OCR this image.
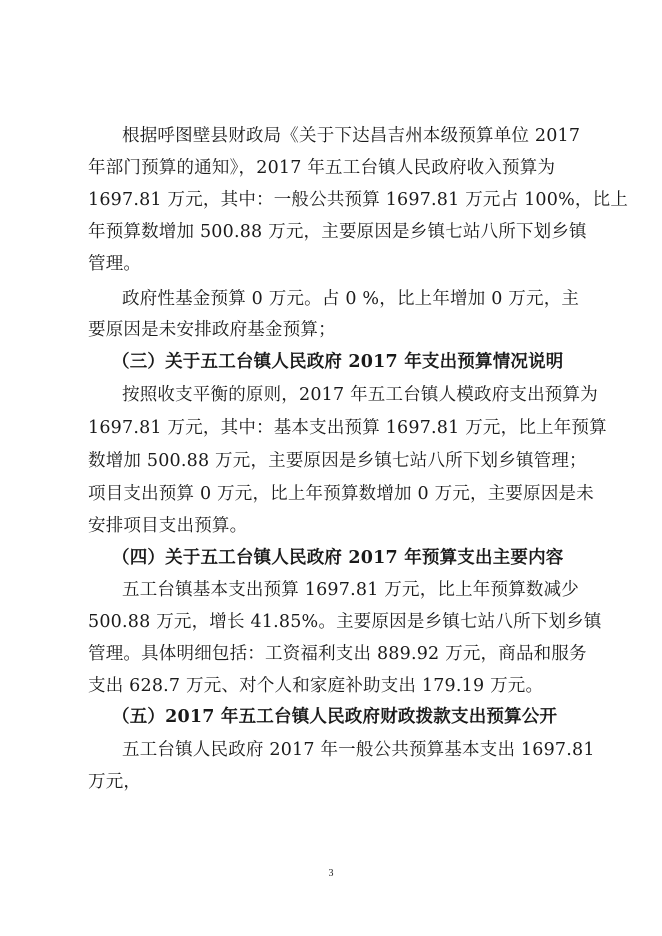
根据呼图壁县财政局《关于下达昌吉州本级预算单位 2017
年部门预算的通知》，2017 年五工台镇人民政府收入预算为
1697.81 万元，其中：一般公共预算 1697.81 万元占 100%，比上
年预算数增加 500.88 万元，主要原因是乡镇七站八所下划乡镇
管理。
政府性基金预算 0 万元。占 0 %，比上年增加 0 万元，主
要原因是未安排政府基金预算；
（三）关于五工台镇人民政府 2017 年支出预算情况说明
按照收支平衡的原则，2017 年五工台镇人模政府支出预算为
1697.81 万元，其中：基本支出预算 1697.81 万元，比上年预算
数增加 500.88 万元，主要原因是乡镇七站八所下划乡镇管理；
项目支出预算 0 万元，比上年预算数增加 0 万元，主要原因是未
安排项目支出预算。
（四）关于五工台镇人民政府 2017 年预算支出主要内容
五工台镇基本支出预算 1697.81 万元，比上年预算数减少
500.88 万元，增长 41.85%。主要原因是乡镇七站八所下划乡镇
管理。具体明细包括：工资福利支出 889.92 万元，商品和服务
支出 628.7 万元、对个人和家庭补助支出 179.19 万元。
（五）2017 年五工台镇人民政府财政拨款支出预算公开
五工台镇人民政府 2017 年一般公共预算基本支出 1697.81
万元，
3
